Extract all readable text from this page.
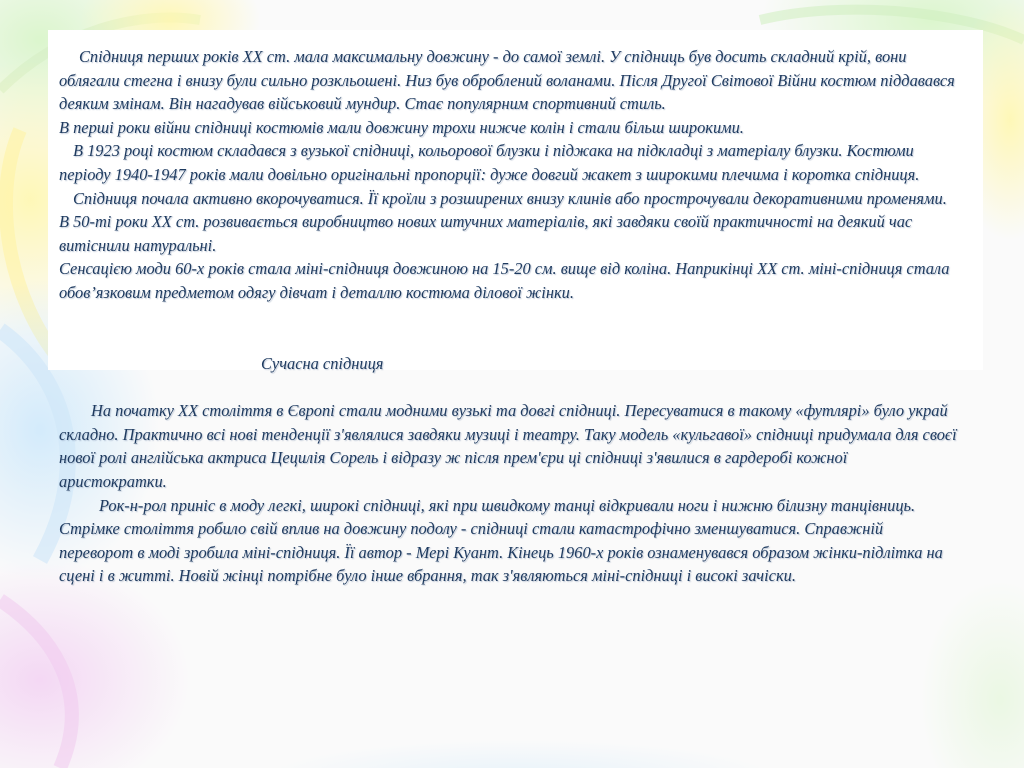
Спідниця перших років ХХ ст. мала максимальну довжину - до самої землі. У спідниць був досить складний крій, вони облягали стегна і внизу були сильно розкльошені. Низ був оброблений воланами. Після Другої Світової Війни костюм піддавався деяким змінам. Він нагадував військовий мундир. Стає популярним спортивний стиль.

В перші роки війни спідниці костюмів мали довжину трохи нижче колін і стали більш широкими.

В 1923 році костюм складався з вузької спідниці, кольорової блузки і піджака на підкладці з матеріалу блузки. Костюми періоду 1940-1947 років мали довільно оригінальні пропорції: дуже довгий жакет з широкими плечима і коротка спідниця.

Спідниця почала активно вкорочуватися. Її кроїли з розширених внизу клинів або прострочували декоративними променями. В 50-ті роки ХХ ст. розвивається виробництво нових штучних матеріалів, які завдяки своїй практичності на деякий час витіснили натуральні.

Сенсацією моди 60-х років стала міні-спідниця довжиною на 15-20 см. вище від коліна. Наприкінці ХХ ст. міні-спідниця стала обов’язковим предметом одягу дівчат і деталлю костюма ділової жінки.

Сучасна спідниця

На початку ХХ століття в Європі стали модними вузькі та довгі спідниці. Пересуватися в такому «футлярі» було украй складно. Практично всі нові тенденції з'являлися завдяки музиці і театру. Таку модель «кульгавої» спідниці придумала для своєї нової ролі англійська актриса Цецилія Сорель і відразу ж після прем'єри ці спідниці з'явилися в гардеробі кожної аристократки.

Рок-н-рол приніс в моду легкі, широкі спідниці, які при швидкому танці відкривали ноги і нижню білизну танцівниць. Стрімке століття робило свій вплив на довжину подолу - спідниці стали катастрофічно зменшуватися. Справжній переворот в моді зробила міні-спідниця. Її автор - Мері Куант. Кінець 1960-х років ознаменувався образом жінки-підлітка на сцені і в житті. Новій жінці потрібне було інше вбрання, так з'являються міні-спідниці і високі зачіски.
